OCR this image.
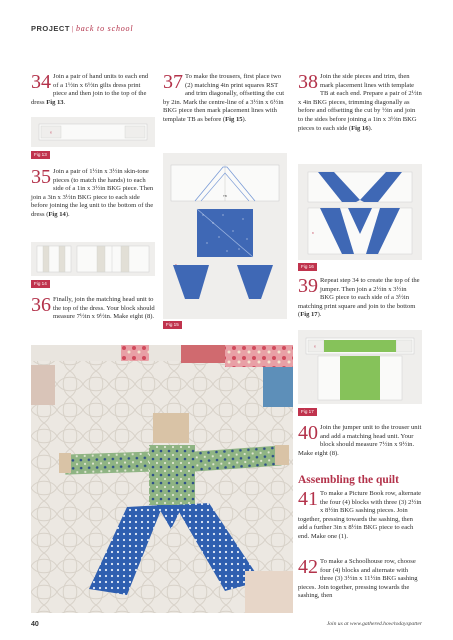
PROJECT | back to school
34 Join a pair of hand units to each end of a 1½in x 6½in gilts dress print piece and then join to the top of the dress Fig 13.
x
Fig 13
35 Join a pair of 1½in x 3½in skin-tone pieces (to match the hands) to each side of a 1in x 3½in BKG piece. Then join a 3in x 3½in BKG piece to each side before joining the leg unit to the bottom of the dress (Fig 14).
Fig 14
36 Finally, join the matching head unit to the top of the dress. Your block should measure 7½in x 9½in. Make eight (8).
37 To make the trousers, first place two (2) matching 4in print squares RST and trim diagonally, offsetting the cut by 2in. Mark the centre-line of a 3½in x 6½in BKG piece then mark placement lines with template TB as before (Fig 15).
TB
Fig 15
38 Join the side pieces and trim, then mark placement lines with template TB at each end. Prepare a pair of 2½in x 4in BKG pieces, trimming diagonally as before and offsetting the cut by ½in and join to the sides before joining a 1in x 3½in BKG pieces to each side (Fig 16).
x
Fig 16
39 Repeat step 34 to create the top of the jumper. Then join a 2½in x 3½in BKG piece to each side of a 3½in matching print square and join to the bottom (Fig 17).
x
Fig 17
40 Join the jumper unit to the trouser unit and add a matching head unit. Your block should measure 7½in x 9½in. Make eight (8).
Assembling the quilt
41 To make a Picture Book row, alternate the four (4) blocks with three (3) 2½in x 8½in BKG sashing pieces. Join together, pressing towards the sashing, then add a further 3in x 8½in BKG piece to each end. Make one (1).
42 To make a Schoolhouse row, choose four (4) blocks and alternate with three (3) 3½in x 11½in BKG sashing pieces. Join together, pressing towards the sashing, then
40	Join us at www.gathered.how/todayspatter
